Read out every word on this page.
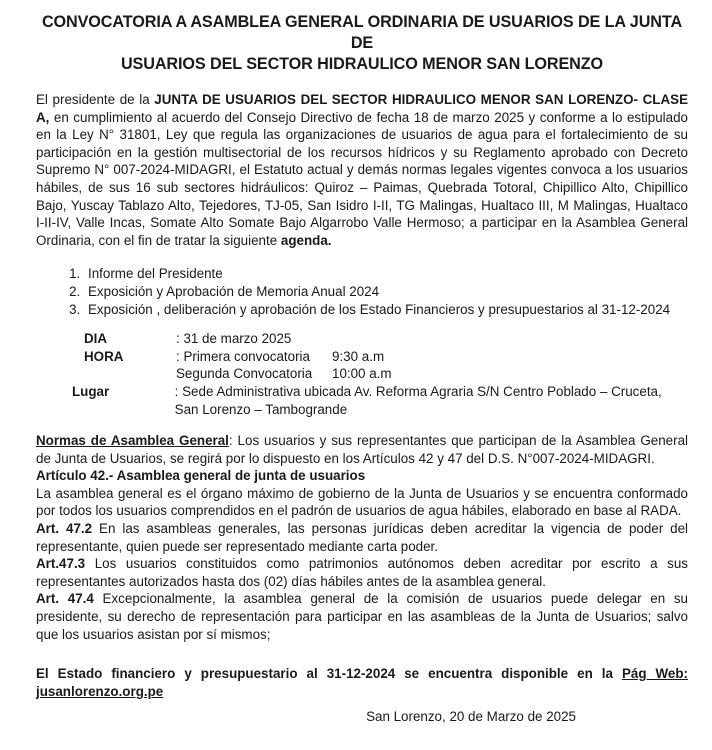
CONVOCATORIA A ASAMBLEA GENERAL ORDINARIA DE USUARIOS DE LA JUNTA DE
USUARIOS DEL SECTOR HIDRAULICO MENOR SAN LORENZO

El presidente de la JUNTA DE USUARIOS DEL SECTOR HIDRAULICO MENOR SAN LORENZO- CLASE A, en cumplimiento al acuerdo del Consejo Directivo de fecha 18 de marzo 2025 y conforme a lo estipulado en la Ley N° 31801, Ley que regula las organizaciones de usuarios de agua para el fortalecimiento de su participación en la gestión multisectorial de los recursos hídricos y su Reglamento aprobado con Decreto Supremo N° 007-2024-MIDAGRI, el Estatuto actual y demás normas legales vigentes convoca a los usuarios hábiles, de sus 16 sub sectores hidráulicos: Quiroz – Paimas, Quebrada Totoral, Chipillico Alto, Chipillico Bajo, Yuscay Tablazo Alto, Tejedores, TJ-05, San Isidro I-II, TG Malingas, Hualtaco III, M Malingas, Hualtaco I-II-IV, Valle Incas, Somate Alto Somate Bajo Algarrobo Valle Hermoso; a participar en la Asamblea General Ordinaria, con el fin de tratar la siguiente agenda.

1. Informe del Presidente
2. Exposición y Aprobación de Memoria Anual 2024
3. Exposición , deliberación y aprobación de los Estado Financieros y presupuestarios al 31-12-2024
DIA	: 31 de marzo 2025
HORA	: Primera convocatoria 9:30 a.m
Segunda Convocatoria 10:00 a.m
Lugar	: Sede Administrativa ubicada Av. Reforma Agraria S/N Centro Poblado – Cruceta, San Lorenzo – Tambogrande

Normas de Asamblea General: Los usuarios y sus representantes que participan de la Asamblea General de Junta de Usuarios, se regirá por lo dispuesto en los Artículos 42 y 47 del D.S. N°007-2024-MIDAGRI.

Artículo 42.- Asamblea general de junta de usuarios

La asamblea general es el órgano máximo de gobierno de la Junta de Usuarios y se encuentra conformado por todos los usuarios comprendidos en el padrón de usuarios de agua hábiles, elaborado en base al RADA.

Art. 47.2 En las asambleas generales, las personas jurídicas deben acreditar la vigencia de poder del representante, quien puede ser representado mediante carta poder.

Art.47.3 Los usuarios constituidos como patrimonios autónomos deben acreditar por escrito a sus representantes autorizados hasta dos (02) días hábiles antes de la asamblea general.

Art. 47.4 Excepcionalmente, la asamblea general de la comisión de usuarios puede delegar en su presidente, su derecho de representación para participar en las asambleas de la Junta de Usuarios; salvo que los usuarios asistan por sí mismos;

El Estado financiero y presupuestario al 31-12-2024 se encuentra disponible en la Pág Web: jusanlorenzo.org.pe

San Lorenzo, 20 de Marzo de 2025
